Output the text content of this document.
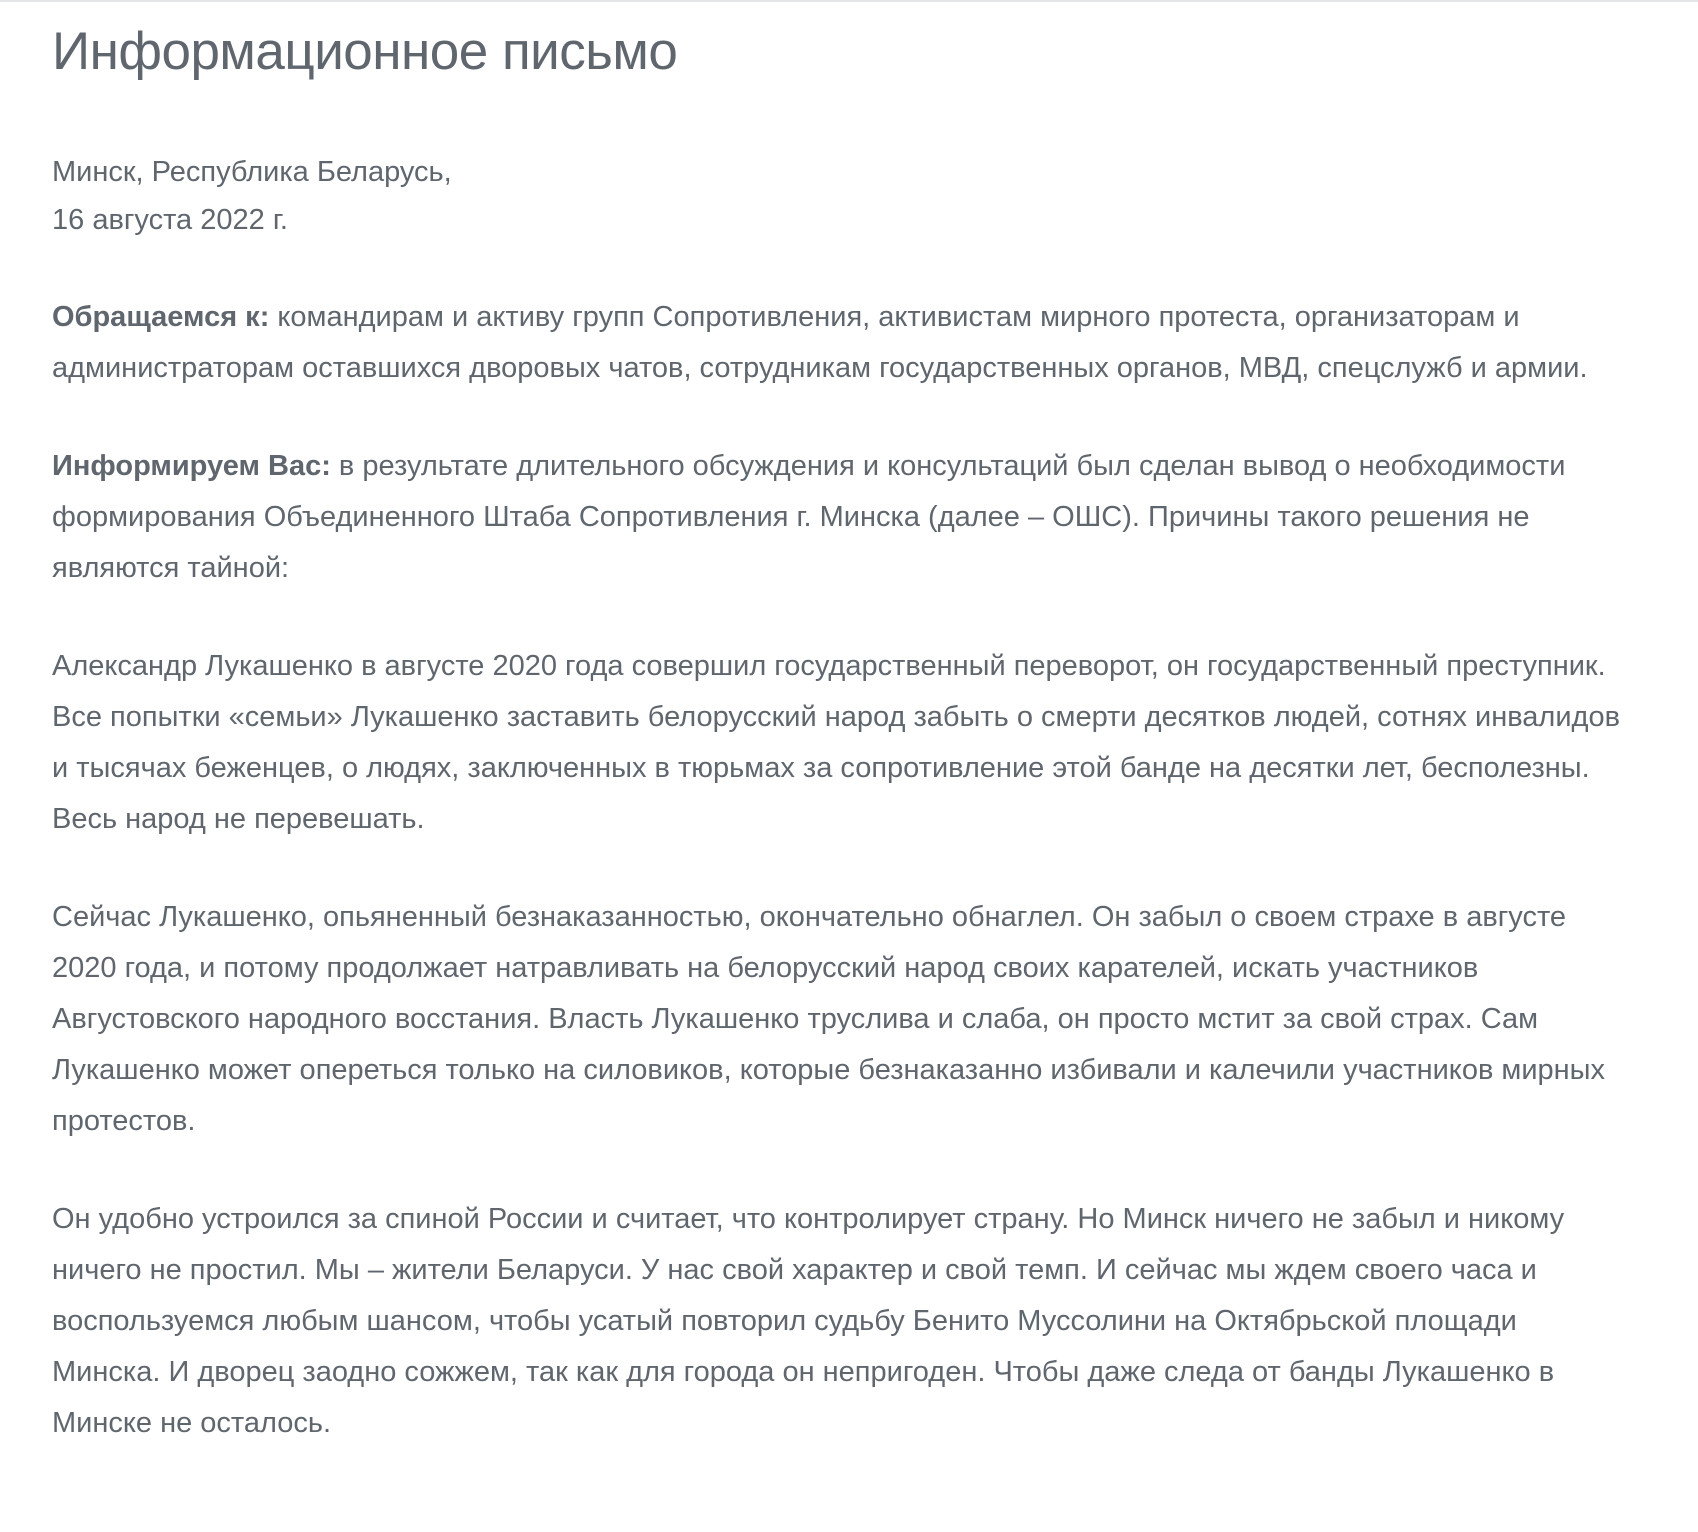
Информационное письмо
Минск, Республика Беларусь,
16 августа 2022 г.

Обращаемся к: командирам и активу групп Сопротивления, активистам мирного протеста, организаторам и администраторам оставшихся дворовых чатов, сотрудникам государственных органов, МВД, спецслужб и армии.

Информируем Вас: в результате длительного обсуждения и консультаций был сделан вывод о необходимости формирования Объединенного Штаба Сопротивления г. Минска (далее – ОШС). Причины такого решения не являются тайной:

Александр Лукашенко в августе 2020 года совершил государственный переворот, он государственный преступник. Все попытки «семьи» Лукашенко заставить белорусский народ забыть о смерти десятков людей, сотнях инвалидов и тысячах беженцев, о людях, заключенных в тюрьмах за сопротивление этой банде на десятки лет, бесполезны. Весь народ не перевешать.

Сейчас Лукашенко, опьяненный безнаказанностью, окончательно обнаглел. Он забыл о своем страхе в августе 2020 года, и потому продолжает натравливать на белорусский народ своих карателей, искать участников Августовского народного восстания. Власть Лукашенко труслива и слаба, он просто мстит за свой страх. Сам Лукашенко может опереться только на силовиков, которые безнаказанно избивали и калечили участников мирных протестов.

Он удобно устроился за спиной России и считает, что контролирует страну. Но Минск ничего не забыл и никому ничего не простил. Мы – жители Беларуси. У нас свой характер и свой темп. И сейчас мы ждем своего часа и воспользуемся любым шансом, чтобы усатый повторил судьбу Бенито Муссолини на Октябрьской площади Минска. И дворец заодно сожжем, так как для города он непригоден. Чтобы даже следа от банды Лукашенко в Минске не осталось.
